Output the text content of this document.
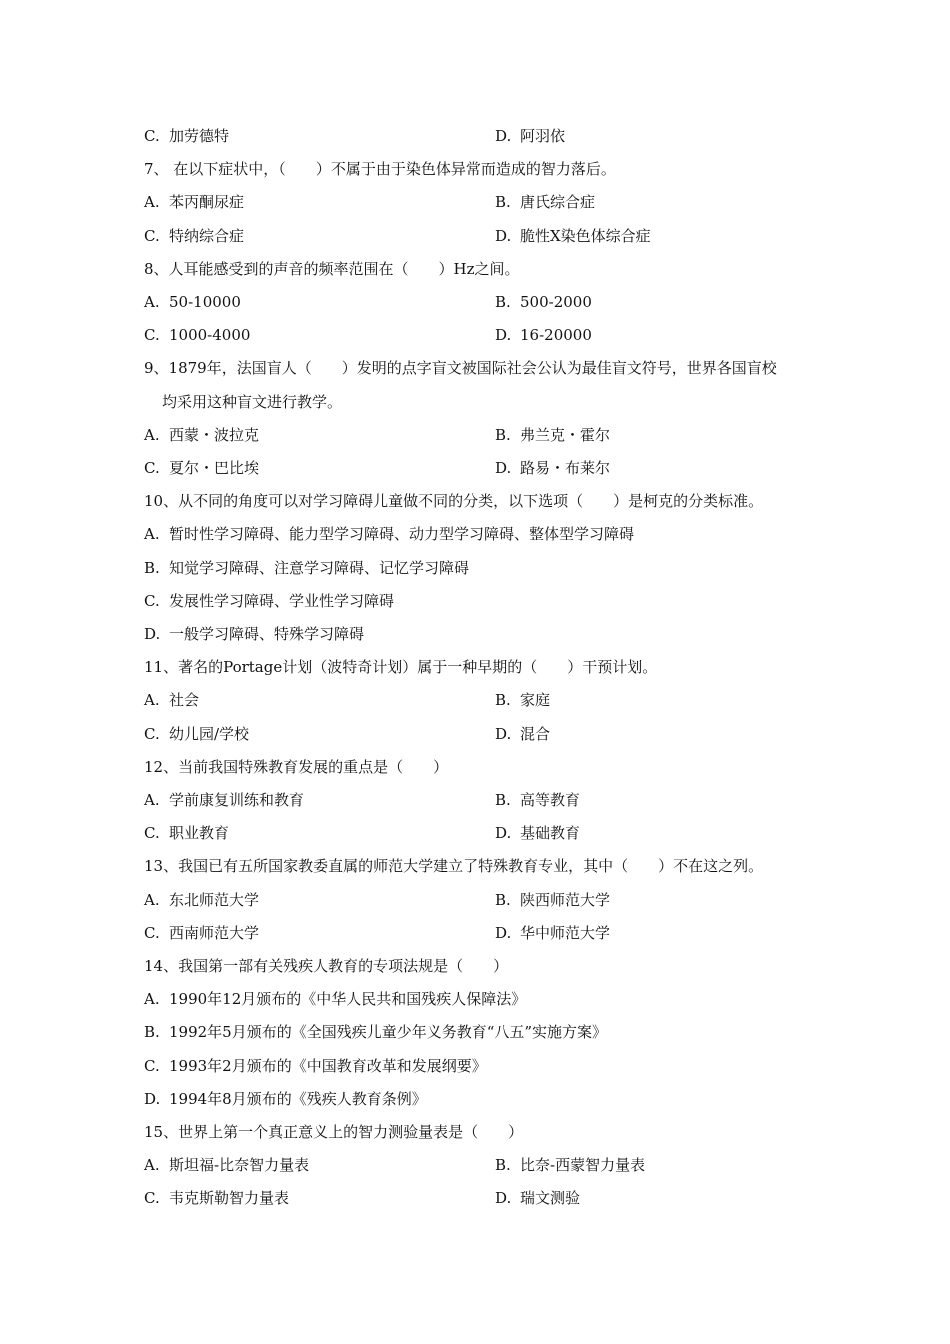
C. 加劳德特	D. 阿羽依
7、 在以下症状中，（　　）不属于由于染色体异常而造成的智力落后。
A. 苯丙酮尿症	B. 唐氏综合症
C. 特纳综合症	D. 脆性X染色体综合症
8、人耳能感受到的声音的频率范围在（　　）Hz之间。
A. 50-10000	B. 500-2000
C. 1000-4000	D. 16-20000
9、1879年，法国盲人（　　）发明的点字盲文被国际社会公认为最佳盲文符号，世界各国盲校
均采用这种盲文进行教学。
A. 西蒙・波拉克	B. 弗兰克・霍尔
C. 夏尔・巴比埃	D. 路易・布莱尔
10、从不同的角度可以对学习障碍儿童做不同的分类，以下选项（　　）是柯克的分类标准。
A. 暂时性学习障碍、能力型学习障碍、动力型学习障碍、整体型学习障碍
B. 知觉学习障碍、注意学习障碍、记忆学习障碍
C. 发展性学习障碍、学业性学习障碍
D. 一般学习障碍、特殊学习障碍
11、著名的Portage计划（波特奇计划）属于一种早期的（　　）干预计划。
A. 社会	B. 家庭
C. 幼儿园/学校	D. 混合
12、当前我国特殊教育发展的重点是（　　）
A. 学前康复训练和教育	B. 高等教育
C. 职业教育	D. 基础教育
13、我国已有五所国家教委直属的师范大学建立了特殊教育专业，其中（　　）不在这之列。
A. 东北师范大学	B. 陕西师范大学
C. 西南师范大学	D. 华中师范大学
14、我国第一部有关残疾人教育的专项法规是（　　）
A. 1990年12月颁布的《中华人民共和国残疾人保障法》
B. 1992年5月颁布的《全国残疾儿童少年义务教育“八五”实施方案》
C. 1993年2月颁布的《中国教育改革和发展纲要》
D. 1994年8月颁布的《残疾人教育条例》
15、世界上第一个真正意义上的智力测验量表是（　　）
A. 斯坦福-比奈智力量表	B. 比奈-西蒙智力量表
C. 韦克斯勒智力量表	D. 瑞文测验
